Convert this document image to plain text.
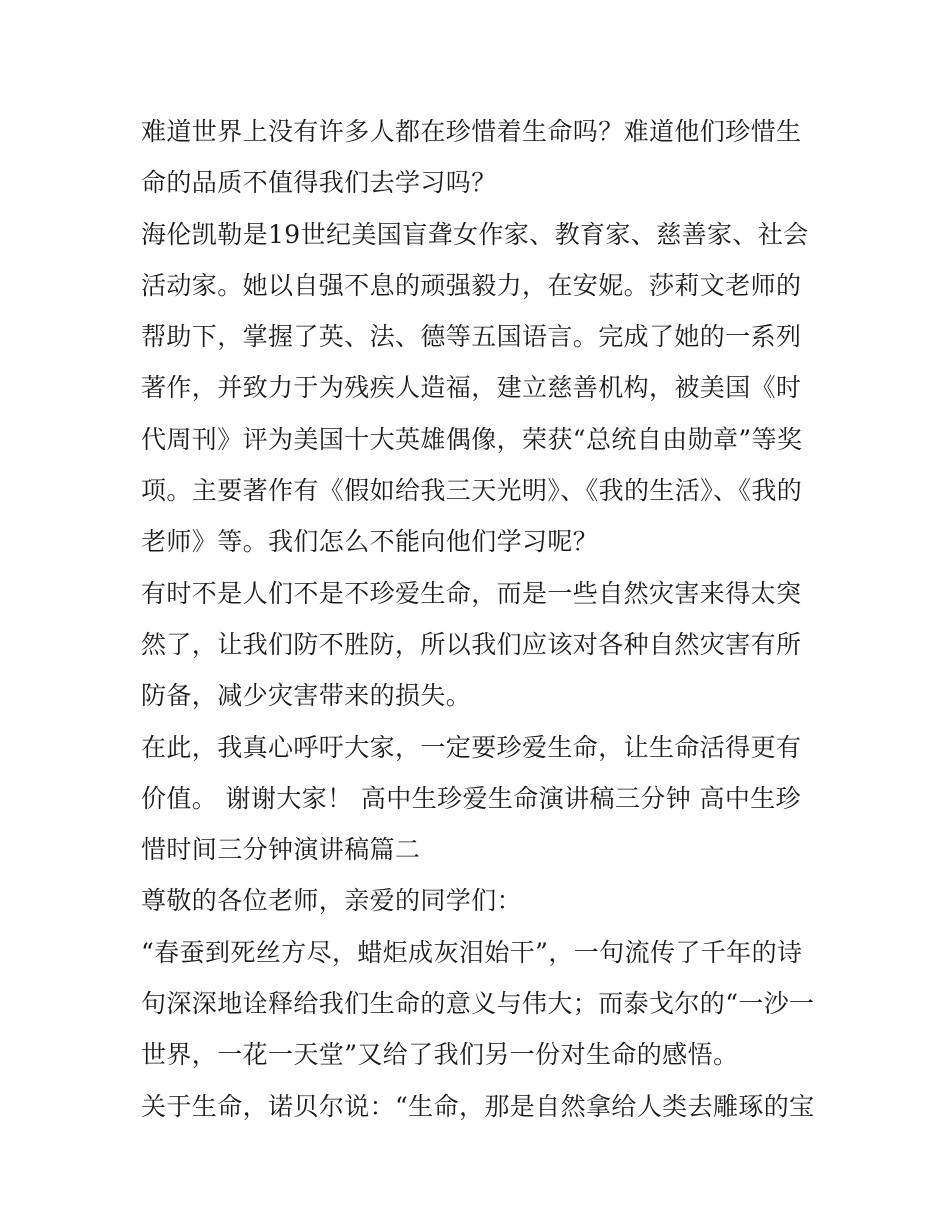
难道世界上没有许多人都在珍惜着生命吗？难道他们珍惜生命的品质不值得我们去学习吗？

海伦凯勒是19世纪美国盲聋女作家、教育家、慈善家、社会活动家。她以自强不息的顽强毅力，在安妮。莎莉文老师的帮助下，掌握了英、法、德等五国语言。完成了她的一系列著作，并致力于为残疾人造福，建立慈善机构，被美国《时代周刊》评为美国十大英雄偶像，荣获“总统自由勋章”等奖项。主要著作有《假如给我三天光明》、《我的生活》、《我的老师》等。我们怎么不能向他们学习呢？

有时不是人们不是不珍爱生命，而是一些自然灾害来得太突然了，让我们防不胜防，所以我们应该对各种自然灾害有所防备，减少灾害带来的损失。

在此，我真心呼吁大家，一定要珍爱生命，让生命活得更有价值。 谢谢大家！ 高中生珍爱生命演讲稿三分钟 高中生珍惜时间三分钟演讲稿篇二

尊敬的各位老师，亲爱的同学们：

“春蚕到死丝方尽，蜡炬成灰泪始干”，一句流传了千年的诗句深深地诠释给我们生命的意义与伟大；而泰戈尔的“一沙一世界，一花一天堂”又给了我们另一份对生命的感悟。

关于生命，诺贝尔说：“生命，那是自然拿给人类去雕琢的宝
